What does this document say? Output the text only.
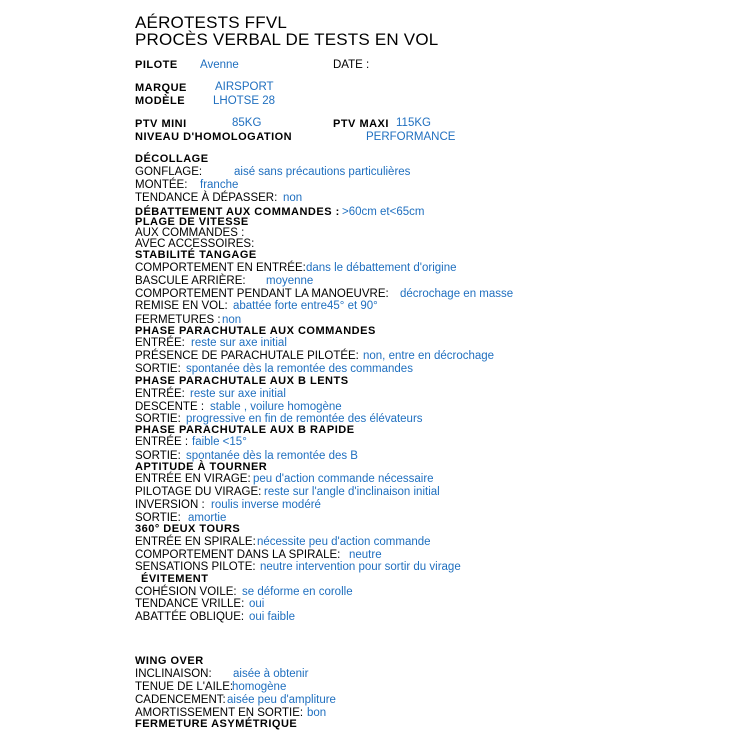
AÉROTESTS FFVL
PROCÈS VERBAL DE TESTS EN VOL
PILOTE Avenne	DATE :
MARQUE AIRSPORT
MODÈLE LHOTSE 28
PTV MINI	85KG	PTV MAXI 115KG
NIVEAU D'HOMOLOGATION	PERFORMANCE
DÉCOLLAGE
GONFLAGE:	aisé sans précautions particulières
MONTÉE: franche
TENDANCE À DÉPASSER: non
DÉBATTEMENT AUX COMMANDES : >60cm et<65cm
PLAGE DE VITESSE
AUX COMMANDES :
AVEC ACCESSOIRES:
STABILITÉ TANGAGE
COMPORTEMENT EN ENTRÉE: dans le débattement d'origine
BASCULE ARRIÈRE: moyenne
COMPORTEMENT PENDANT LA MANOEUVRE: décrochage en masse
REMISE EN VOL: abattée forte entre45° et 90°
FERMETURES : non
PHASE PARACHUTALE AUX COMMANDES
ENTRÉE: reste sur axe initial
PRÉSENCE DE PARACHUTALE PILOTÉE: non, entre en décrochage
SORTIE: spontanée dès la remontée des commandes
PHASE PARACHUTALE AUX B LENTS
ENTRÉE: reste sur axe initial
DESCENTE : stable , voilure homogène
SORTIE: progressive en fin de remontée des élévateurs
PHASE PARACHUTALE AUX B RAPIDE
ENTRÉE : faible <15°
SORTIE: spontanée dès la remontée des B
APTITUDE À TOURNER
ENTRÉE EN VIRAGE: peu d'action commande nécessaire
PILOTAGE DU VIRAGE: reste sur l'angle d'inclinaison initial
INVERSION : roulis inverse modéré
SORTIE: amortie
360° DEUX TOURS
ENTRÉE EN SPIRALE: nécessite peu d'action commande
COMPORTEMENT DANS LA SPIRALE: neutre
SENSATIONS PILOTE: neutre intervention pour sortir du virage
ÉVITEMENT
COHÉSION VOILE: se déforme en corolle
TENDANCE VRILLE: oui
ABATTÉE OBLIQUE: oui faible
WING OVER
INCLINAISON: aisée à obtenir
TENUE DE L'AILE:
homogène
CADENCEMENT: aisée peu d'ampliture
AMORTISSEMENT EN SORTIE: bon
FERMETURE ASYMÉTRIQUE
